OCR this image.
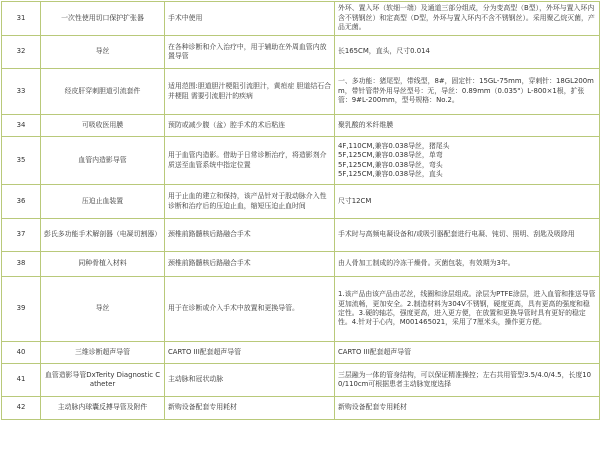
31	一次性使用切口保护扩张器	手术中使用	外环、置入环（软细一端）及通道三部分组成，分为变高型（B型），外环与置入环内含不锈钢丝）和定高型（D型，外环与置入环内不含不锈钢丝）。采用聚乙烷灭菌，产品无菌。
32	导丝	在各种诊断和介入治疗中，用于辅助在外周血管内放置导管	长165CM，直头，尺寸0.014
33	经皮肝穿刺胆道引流套件	适用范围:胆道胆汁梗阻引流胆汁，黄疸症 胆道结石合并梗阻 需要引流胆汁的疾病	一、多功能：猪尾型，带线型，8#，固定针：15GL-75mm，穿刺针：18GL200mm，带针管带外用导丝型号：无，导丝：0.89mm（0.035"）L-800×1根，扩张管：9#L-200mm，型号规格：No.2。
34	可吸收医用膜	预防或减少腹（盆）腔手术的术后粘连	聚乳酸的米纤维膜
35	血管内造影导管	用于血管内造影。借助于日常诊断治疗，将造影剂介质送至血管系统中指定位置	4F,110CM,兼容0.038导丝，猪尾头
5F,125CM,兼容0.038导丝，单弯
5F,125CM,兼容0.038导丝，弯头
5F,125CM,兼容0.038导丝，直头
36	压迫止血装置	用于止血的建立和保持，该产品针对于股动脉介入性诊断和治疗后的压迫止血，缩短压迫止血时间	尺寸12CM
37	彭氏多功能手术解剖器（电凝切割器）	颈椎前路髓核后路融合手术	手术时与高频电凝设备和/或吸引器配套进行电凝、钝切、照明、刮匙及吸除用
38	同种骨植入材料	颈椎前路髓核后路融合手术	由人骨加工制成的冷冻干燥骨。灭菌包装，有效期为3年。
39	导丝	用于在诊断或介入手术中放置和更换导管。	1.该产品由该产品由芯丝，线圈和涂层组成。涂层为PTFE涂层，进入血管和推送导管更加流畅，更加安全。2.制造材料为304V不锈钢，硬度更高，具有更高的强度和稳定性。3.硬的轴芯，强度更高，进入更方便，在放置和更换导管时具有更好的稳定性。4.针对于心内，M001465021，采用了7厘米头，操作更方便。
40	三维诊断超声导管	CARTO III配套超声导管	CARTO III配套超声导管
41	血管造影导管DxTerity Diagnostic Catheter	主动脉和冠状动脉	三层融为一体的管身结构，可以保证精准操控；左右共用管型3.5/4.0/4.5，长度100/110cm可根据患者主动脉宽度选择
42	主动脉内球囊反搏导管及附件	新购设备配套专用耗材	新购设备配套专用耗材
